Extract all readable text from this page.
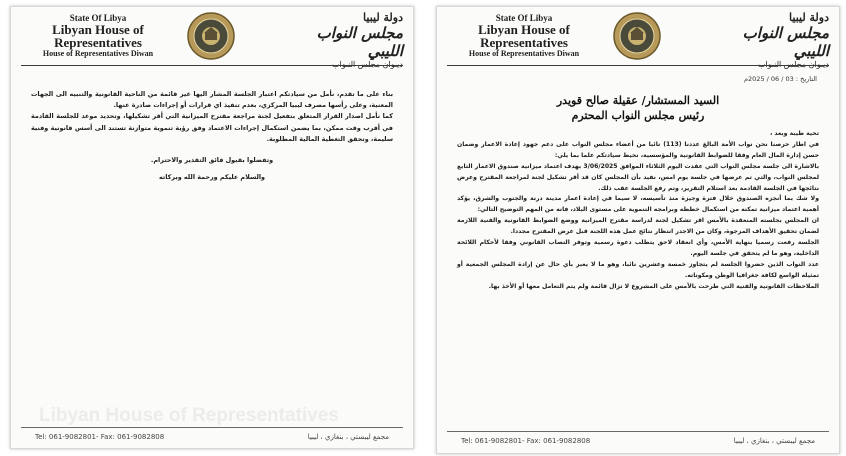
State Of Libya
Libyan House of
Representatives
House of Representatives Diwan
دولة ليبيا
مجلس النواب الليبي

بناء على ما تقدم، نأمل من سيادتكم اعتبار الجلسة المشار اليها غير قائمة من الناحية القانونية والتنبيه الى الجهات المعنية، وعلى رأسها مصرف ليبيا المركزي، بعدم تنفيذ اي قرارات أو إجراءات صادرة عنها.

كما نأمل اصدار القرار المتعلق بتفعيل لجنة مراجعة مقترح الميزانية التي أقر تشكيلها، وتحديد موعد للجلسة القادمة في أقرب وقت ممكن، بما يضمن استكمال إجراءات الاعتماد وفق رؤية تنموية متوازنة تستند الى أسس قانونية وفنية سليمة، وتحقق التغطية المالية المطلوبة.

وتفضلوا بقبول فائق التقدير والاحترام.

والسلام عليكم ورحمة الله وبركاته

Libyan House of Representatives
Tel: 061-9082801- Fax: 061-9082808	مجمع ليبستي ، بنغازي ، ليبيا
State Of Libya
Libyan House of
Representatives
House of Representatives Diwan
دولة ليبيا
مجلس النواب الليبي
التاريخ : 03 / 06 / 2025م
السيد المستشار/ عقيلة صالح قويدر
رئيس مجلس النواب المحترم

تحية طيبة وبعد ،

في اطار حرصنا نحن نواب الأمة البالغ عددنا (113) نائبا من أعضاء مجلس النواب على دعم جهود إعادة الاعمار وضمان حسن إدارة المال العام وفقا للضوابط القانونية والمؤسسية، نحيط سيادتكم علما بما يلي:

بالاشارة الى جلسة مجلس النواب التي عقدت اليوم الثلاثاء الموافق 3/06/2025 بهدف اعتماد ميزانية صندوق الاعمار التابع لمجلس النواب، والتي تم عرضها في جلسة يوم امس، نفيد بأن المجلس كان قد أقر تشكيل لجنة لمراجعة المقترح وعرض نتائجها في الجلسة القادمة بعد استلام التقرير، وتم رفع الجلسة عقب ذلك.

ولا شك بما أنجزه الصندوق خلال فترة وجيزة منذ تأسيسه، لا سيما في إعادة اعمار مدينة درنة والجنوب والشرق، يؤكد أهمية اعتماد ميزانية تمكنه من استكمال خططه وبرامجه التنموية على مستوى البلاد، فانه من المهم التوضيح التالي:

ان المجلس بجلسته المنعقدة بالأمس اقر تشكيل لجنة لدراسة مقترح الميزانية ووضع الضوابط القانونية والفنية اللازمة لضمان تحقيق الأهداف المرجوة، وكان من الاجدر انتظار نتائج عمل هذه اللجنة قبل عرض المقترح مجددا.

الجلسة رفعت رسميا بنهاية الأمس، وأي انعقاد لاحق يتطلب دعوة رسمية وتوفر النصاب القانوني وفقا لأحكام اللائحة الداخلية، وهو ما لم يتحقق في جلسة اليوم.

عدد النواب الذين حضروا الجلسة لم يتجاوز خمسة وعشرين نائبا، وهو ما لا يعبر بأي حال عن إرادة المجلس الجمعية أو تمثيله الواسع لكافة جغرافيا الوطن ومكوناته.

الملاحظات القانونية والفنية التي طرحت بالأمس على المشروع لا تزال قائمة ولم يتم التعامل معها أو الأخذ بها.

Tel: 061-9082801- Fax: 061-9082808	مجمع ليبستي ، بنغازي ، ليبيا
